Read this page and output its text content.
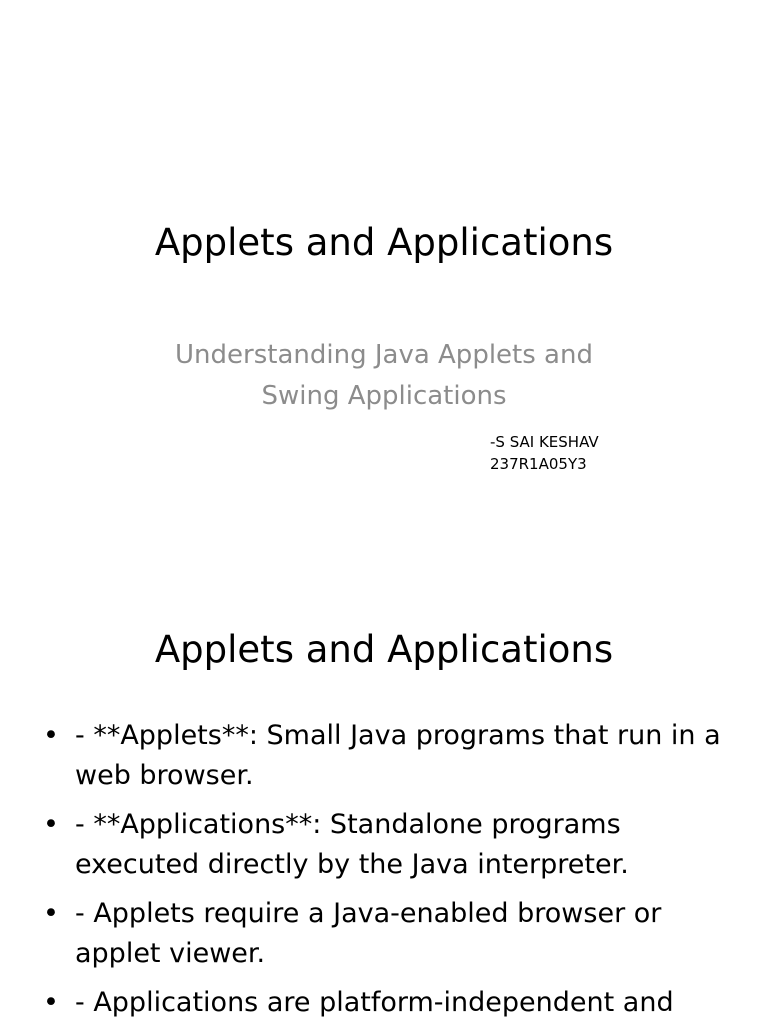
Applets and Applications
Understanding Java Applets and Swing Applications
-S SAI KESHAV
237R1A05Y3
Applets and Applications
• - **Applets**: Small Java programs that run in a web browser.
• - **Applications**: Standalone programs executed directly by the Java interpreter.
• - Applets require a Java-enabled browser or applet viewer.
• - Applications are platform-independent and
